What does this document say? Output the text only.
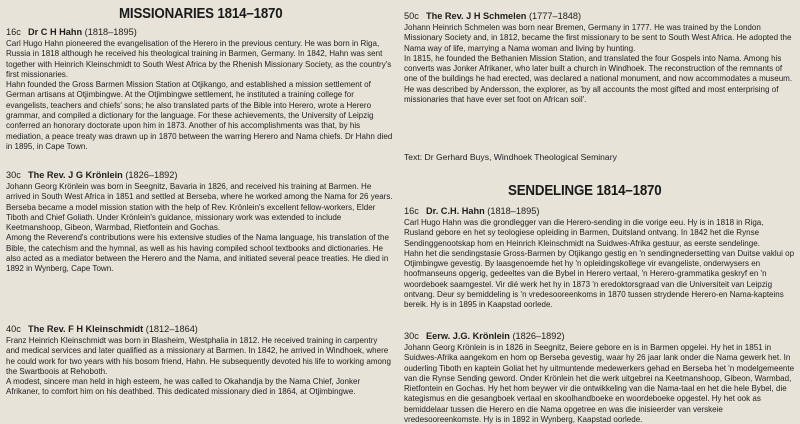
MISSIONARIES 1814–1870
16c Dr C H Hahn (1818–1895)

Carl Hugo Hahn pioneered the evangelisation of the Herero in the previous century. He was born in Riga, Russia in 1818 although he received his theological training in Barmen, Germany. In 1842, Hahn was sent together with Heinrich Kleinschmidt to South West Africa by the Rhenish Missionary Society, as the country's first missionaries.

Hahn founded the Gross Barmen Mission Station at Otjikango, and established a mission settlement of German artisans at Otjimbingwe. At the Otjimbingwe settlement, he instituted a training college for evangelists, teachers and chiefs' sons; he also translated parts of the Bible into Herero, wrote a Herero grammar, and compiled a dictionary for the language. For these achievements, the University of Leipzig conferred an honorary doctorate upon him in 1873. Another of his accomplishments was that, by his mediation, a peace treaty was drawn up in 1870 between the warring Herero and Nama chiefs. Dr Hahn died in 1895, in Cape Town.

30c The Rev. J G Krönlein (1826–1892)

Johann Georg Krönlein was born in Seegnitz, Bavaria in 1826, and received his training at Barmen. He arrived in South West Africa in 1851 and settled at Berseba, where he worked among the Nama for 26 years.

Berseba became a model mission station with the help of Rev. Krönlein's excellent fellow-workers, Elder Tiboth and Chief Goliath. Under Krönlein's guidance, missionary work was extended to include Keetmanshoop, Gibeon, Warmbad, Rietfontein and Gochas.

Among the Reverend's contributions were his extensive studies of the Nama language, his translation of the Bible, the catechism and the hymnal, as well as his having compiled school textbooks and dictionaries. He also acted as a mediator between the Herero and the Nama, and initiated several peace treaties. He died in 1892 in Wynberg, Cape Town.

40c The Rev. F H Kleinschmidt (1812–1864)

Franz Heinrich Kleinschmidt was born in Blasheim, Westphalia in 1812. He received training in carpentry and medical services and later qualified as a missionary at Barmen. In 1842, he arrived in Windhoek, where he could work for two years with his bosom friend, Hahn. He subsequently devoted his life to working among the Swartboois at Rehoboth.

A modest, sincere man held in high esteem, he was called to Okahandja by the Nama Chief, Jonker Afrikaner, to comfort him on his deathbed. This dedicated missionary died in 1864, at Otjimbingwe.

50c The Rev. J H Schmelen (1777–1848)

Johann Heinrich Schmelen was born near Bremen, Germany in 1777. He was trained by the London Missionary Society and, in 1812, became the first missionary to be sent to South West Africa. He adopted the Nama way of life, marrying a Nama woman and living by hunting.

In 1815, he founded the Bethanien Mission Station, and translated the four Gospels into Nama. Among his converts was Jonker Afrikaner, who later built a church in Windhoek. The reconstruction of the remnants of one of the buildings he had erected, was declared a national monument, and now accommodates a museum. He was described by Andersson, the explorer, as 'by all accounts the most gifted and most enterprising of missionaries that have ever set foot on African soil'.

Text: Dr Gerhard Buys, Windhoek Theological Seminary
SENDELINGE 1814–1870
16c Dr. C.H. Hahn (1818–1895)

Carl Hugo Hahn was die grondlegger van die Herero-sending in die vorige eeu. Hy is in 1818 in Riga, Rusland gebore en het sy teologiese opleiding in Barmen, Duitsland ontvang. In 1842 het die Rynse Sendinggenootskap hom en Heinrich Kleinschmidt na Suidwes-Afrika gestuur, as eerste sendelinge.

Hahn het die sendingstasie Gross-Barmen by Otjikango gestig en 'n sendingnedersetting van Duitse vaklui op Otjimbingwe gevestig. By laasgenoemde het hy 'n opleidingskollege vir evangeliste, onderwysers en hoofmanseuns opgerig, gedeeltes van die Bybel in Herero vertaal, 'n Herero-grammatika geskryf en 'n woordeboek saamgestel. Vir dié werk het hy in 1873 'n eredoktorsgraad van die Universiteit van Leipzig ontvang. Deur sy bemiddeling is 'n vredesooreenkoms in 1870 tussen strydende Herero-en Nama-kapteins bereik. Hy is in 1895 in Kaapstad oorlede.

30c Eerw. J.G. Krönlein (1826–1892)

Johann Georg Krönlein is in 1826 in Seegnitz, Beiere gebore en is in Barmen opgelei. Hy het in 1851 in Suidwes-Afrika aangekom en hom op Berseba gevestig, waar hy 26 jaar lank onder die Nama gewerk het. In ouderling Tiboth en kaptein Goliat het hy uitmuntende medewerkers gehad en Berseba het 'n modelgemeente van die Rynse Sending geword. Onder Krönlein het die werk uitgebrei na Keetmanshoop, Gibeon, Warmbad, Rietfontein en Gochas. Hy het hom beywer vir die ontwikkeling van die Nama-taal en het die hele Bybel, die kategismus en die gesangboek vertaal en skoolhandboeke en woordeboeke opgestel. Hy het ook as bemiddelaar tussen die Herero en die Nama opgetree en was die inisieerder van verskeie vredesooreenkomste. Hy is in 1892 in Wynberg, Kaapstad oorlede.
